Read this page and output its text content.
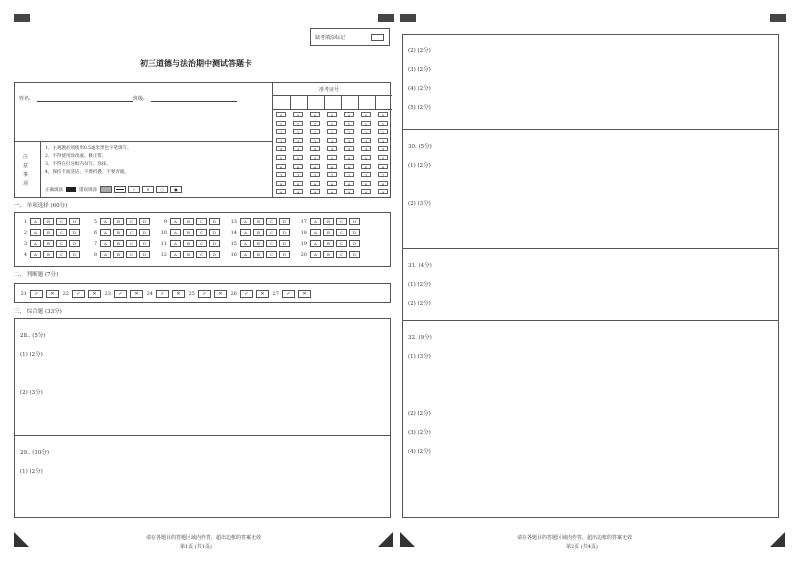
缺考填涂标记
初三道德与法治期中测试答题卡
姓名:	班级:
注
意
事
项
1、主观题必须使用0.5毫米黑色字笔填写。
2、不得使用涂改液、修正带。
3、不得在打分框内书写、涂抹。
4、保持卡面清洁，不要折叠，不要弄破。
正确填涂	错误填涂	✓	✕	○	●
准考证号
0
1
2
3
4
5
6
7
8
9
0
1
2
3
4
5
6
7
8
9
0
1
2
3
4
5
6
7
8
9
0
1
2
3
4
5
6
7
8
9
0
1
2
3
4
5
6
7
8
9
0
1
2
3
4
5
6
7
8
9
0
1
2
3
4
5
6
7
8
9
一、 单项选择 (60分)
1	A	B	C	D
2	A	B	C	D
3	A	B	C	D
4	A	B	C	D
5	A	B	C	D
6	A	B	C	D
7	A	B	C	D
8	A	B	C	D
9	A	B	C	D
10	A	B	C	D
11	A	B	C	D
12	A	B	C	D
13	A	B	C	D
14	A	B	C	D
15	A	B	C	D
16	A	B	C	D
17	A	B	C	D
18	A	B	C	D
19	A	B	C	D
20	A	B	C	D
二、 判断题 (7分)
21	✓	✕	22	✓	✕	23	✓	✕	24	✓	✕	25	✓	✕	26	✓	✕	27	✓	✕
三、 综合题 (33分)
28.. (5分)
(1) (2分)
(2) (3分)
29.. (10分)
(1) (2分)
请在各题目的答题区域内作答，超出边框的答案无效
第1页 (共1页)
(2) (2分)
(3) (2分)
(4) (2分)
(5) (2分)
30. (5分)
(1) (2分)
(2) (3分)
31. (4分)
(1) (2分)
(2) (2分)
32. (9分)
(1) (3分)
(2) (2分)
(3) (2分)
(4) (2分)
请在各题目的答题区域内作答，超出边框的答案无效
第2页 (共4页)
